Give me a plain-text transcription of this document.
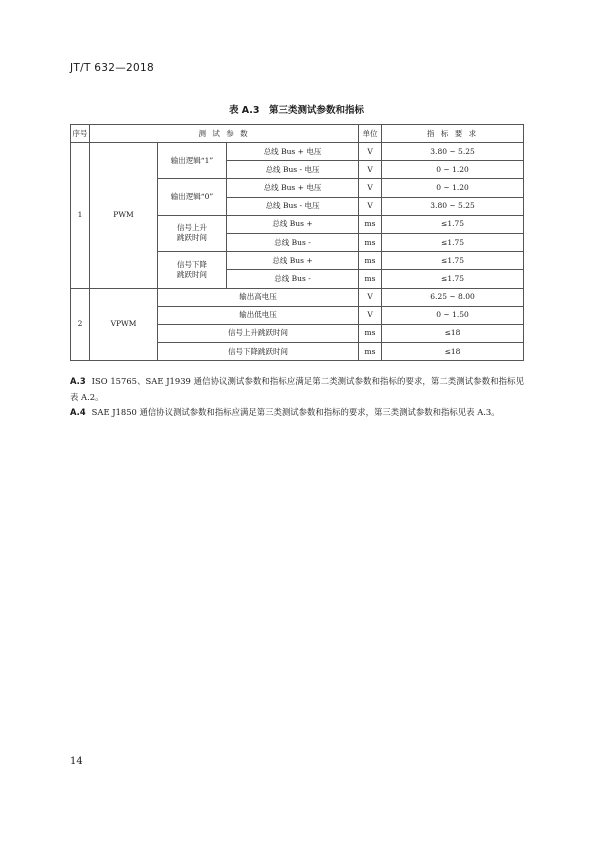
JT/T 632—2018
表 A.3　第三类测试参数和指标
序号	测 试 参 数			单位	指 标 要 求
1	PWM	输出逻辑“1”	总线 Bus + 电压	V	3.80 ~ 5.25
			总线 Bus - 电压	V	0 ~ 1.20
		输出逻辑“0”	总线 Bus + 电压	V	0 ~ 1.20
			总线 Bus - 电压	V	3.80 ~ 5.25
		信号上升
跳跃时间	总线 Bus +	ms	≤1.75
			总线 Bus -	ms	≤1.75
		信号下降
跳跃时间	总线 Bus +	ms	≤1.75
			总线 Bus -	ms	≤1.75
2	VPWM	输出高电压		V	6.25 ~ 8.00
		输出低电压		V	0 ~ 1.50
		信号上升跳跃时间		ms	≤18
		信号下降跳跃时间		ms	≤18
A.3 ISO 15765、SAE J1939 通信协议测试参数和指标应满足第二类测试参数和指标的要求，第二类测试参数和指标见表 A.2。
A.4 SAE J1850 通信协议测试参数和指标应满足第三类测试参数和指标的要求，第三类测试参数和指标见表 A.3。
14
